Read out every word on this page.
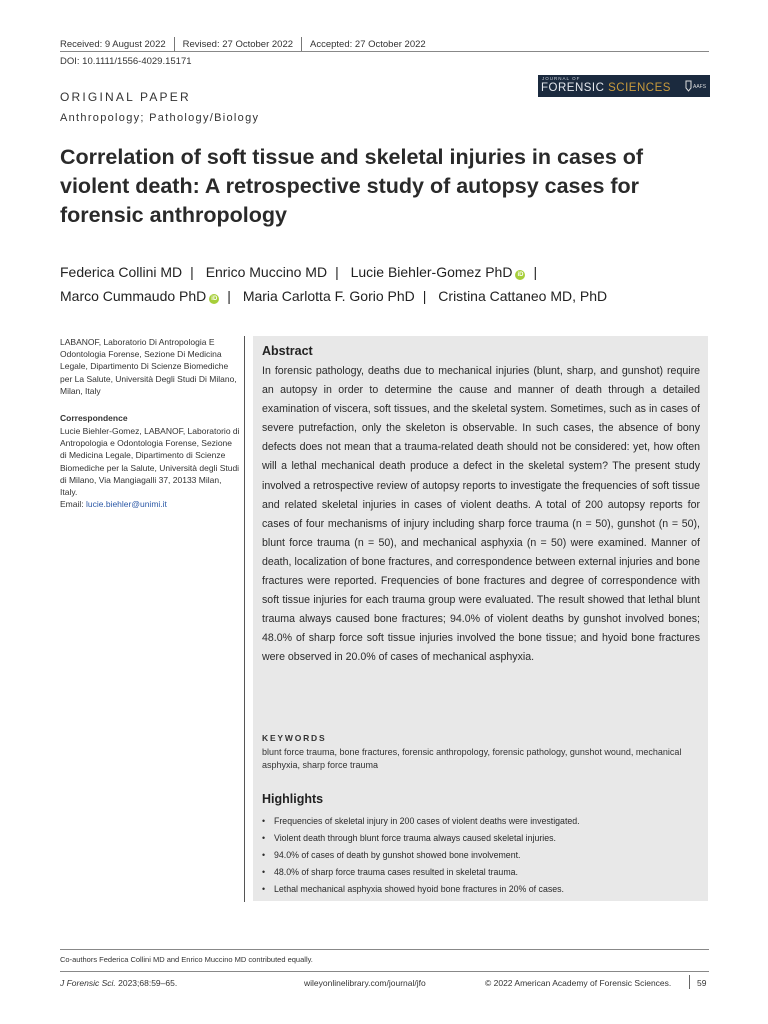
Received: 9 August 2022 Revised: 27 October 2022 Accepted: 27 October 2022
DOI: 10.1111/1556-4029.15171
JOURNAL OF
FORENSIC SCIENCES	AAFS
ORIGINAL PAPER
Anthropology; Pathology/Biology
Correlation of soft tissue and skeletal injuries in cases of violent death: A retrospective study of autopsy cases for forensic anthropology
Federica Collini MD | Enrico Muccino MD | Lucie Biehler-Gomez PhD iD |
Marco Cummaudo PhD iD | Maria Carlotta F. Gorio PhD | Cristina Cattaneo MD, PhD
LABANOF, Laboratorio Di Antropologia E Odontologia Forense, Sezione Di Medicina Legale, Dipartimento Di Scienze Biomediche per La Salute, Università Degli Studi Di Milano, Milan, Italy
Correspondence
Lucie Biehler-Gomez, LABANOF, Laboratorio di Antropologia e Odontologia Forense, Sezione di Medicina Legale, Dipartimento di Scienze Biomediche per la Salute, Università degli Studi di Milano, Via Mangiagalli 37, 20133 Milan, Italy.
Email: lucie.biehler@unimi.it
Abstract
In forensic pathology, deaths due to mechanical injuries (blunt, sharp, and gunshot) require an autopsy in order to determine the cause and manner of death through a detailed examination of viscera, soft tissues, and the skeletal system. Sometimes, such as in cases of severe putrefaction, only the skeleton is observable. In such cases, the absence of bony defects does not mean that a trauma-related death should not be considered: yet, how often will a lethal mechanical death produce a defect in the skeletal system? The present study involved a retrospective review of autopsy reports to investigate the frequencies of soft tissue and related skeletal injuries in cases of violent deaths. A total of 200 autopsy reports for cases of four mechanisms of injury including sharp force trauma (n = 50), gunshot (n = 50), blunt force trauma (n = 50), and mechanical asphyxia (n = 50) were examined. Manner of death, localization of bone fractures, and correspondence between external injuries and bone fractures were reported. Frequencies of bone fractures and degree of correspondence with soft tissue injuries for each trauma group were evaluated. The result showed that lethal blunt trauma always caused bone fractures; 94.0% of violent deaths by gunshot involved bones; 48.0% of sharp force soft tissue injuries involved the bone tissue; and hyoid bone fractures were observed in 20.0% of cases of mechanical asphyxia.
KEYWORDS
blunt force trauma, bone fractures, forensic anthropology, forensic pathology, gunshot wound, mechanical asphyxia, sharp force trauma
Highlights
• Frequencies of skeletal injury in 200 cases of violent deaths were investigated.
• Violent death through blunt force trauma always caused skeletal injuries.
• 94.0% of cases of death by gunshot showed bone involvement.
• 48.0% of sharp force trauma cases resulted in skeletal trauma.
• Lethal mechanical asphyxia showed hyoid bone fractures in 20% of cases.
Co-authors Federica Collini MD and Enrico Muccino MD contributed equally.
J Forensic Sci. 2023;68:59–65.	wileyonlinelibrary.com/journal/jfo	© 2022 American Academy of Forensic Sciences.	59
